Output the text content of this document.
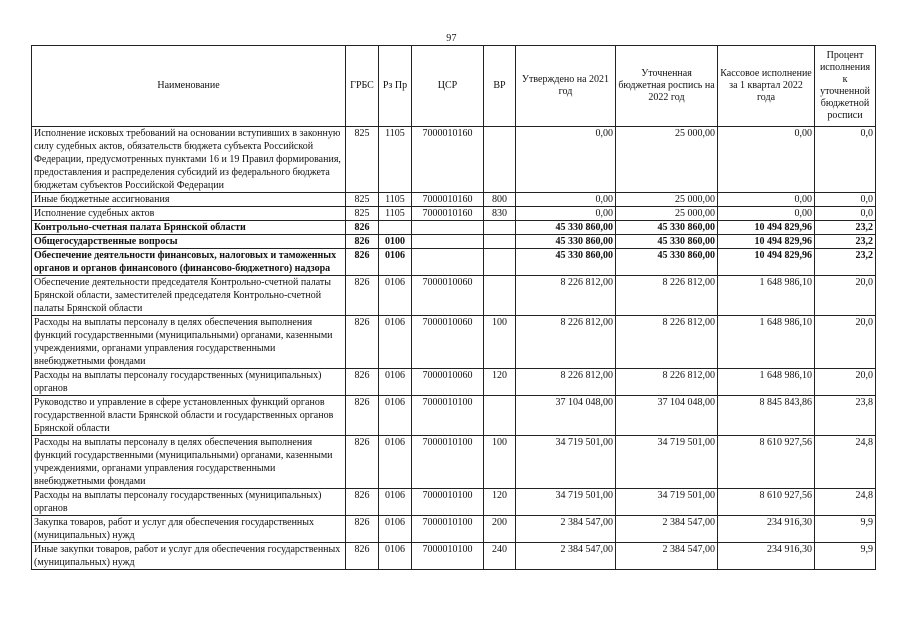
97
Наименование	ГРБС	Рз Пр	ЦСР	ВР	Утверждено на 2021 год	Уточненная бюджетная роспись на 2022 год	Кассовое исполнение за 1 квартал 2022 года	Процент исполнения к уточненной бюджетной росписи
Исполнение исковых требований на основании вступивших в законную силу судебных актов, обязательств бюджета субъекта Российской Федерации, предусмотренных пунктами 16 и 19 Правил формирования, предоставления и распределения субсидий из федерального бюджета бюджетам субъектов Российской Федерации	825	1105	7000010160		0,00	25 000,00	0,00	0,0
Иные бюджетные ассигнования	825	1105	7000010160	800	0,00	25 000,00	0,00	0,0
Исполнение судебных актов	825	1105	7000010160	830	0,00	25 000,00	0,00	0,0
Контрольно-счетная палата Брянской области	826				45 330 860,00	45 330 860,00	10 494 829,96	23,2
Общегосударственные вопросы	826	0100			45 330 860,00	45 330 860,00	10 494 829,96	23,2
Обеспечение деятельности финансовых, налоговых и таможенных органов и органов финансового (финансово-бюджетного) надзора	826	0106			45 330 860,00	45 330 860,00	10 494 829,96	23,2
Обеспечение деятельности председателя Контрольно-счетной палаты Брянской области, заместителей председателя Контрольно-счетной палаты Брянской области	826	0106	7000010060		8 226 812,00	8 226 812,00	1 648 986,10	20,0
Расходы на выплаты персоналу в целях обеспечения выполнения функций государственными (муниципальными) органами, казенными учреждениями, органами управления государственными внебюджетными фондами	826	0106	7000010060	100	8 226 812,00	8 226 812,00	1 648 986,10	20,0
Расходы на выплаты персоналу государственных (муниципальных) органов	826	0106	7000010060	120	8 226 812,00	8 226 812,00	1 648 986,10	20,0
Руководство и управление в сфере установленных функций органов государственной власти Брянской области и государственных органов Брянской области	826	0106	7000010100		37 104 048,00	37 104 048,00	8 845 843,86	23,8
Расходы на выплаты персоналу в целях обеспечения выполнения функций государственными (муниципальными) органами, казенными учреждениями, органами управления государственными внебюджетными фондами	826	0106	7000010100	100	34 719 501,00	34 719 501,00	8 610 927,56	24,8
Расходы на выплаты персоналу государственных (муниципальных) органов	826	0106	7000010100	120	34 719 501,00	34 719 501,00	8 610 927,56	24,8
Закупка товаров, работ и услуг для обеспечения государственных (муниципальных) нужд	826	0106	7000010100	200	2 384 547,00	2 384 547,00	234 916,30	9,9
Иные закупки товаров, работ и услуг для обеспечения государственных (муниципальных) нужд	826	0106	7000010100	240	2 384 547,00	2 384 547,00	234 916,30	9,9
